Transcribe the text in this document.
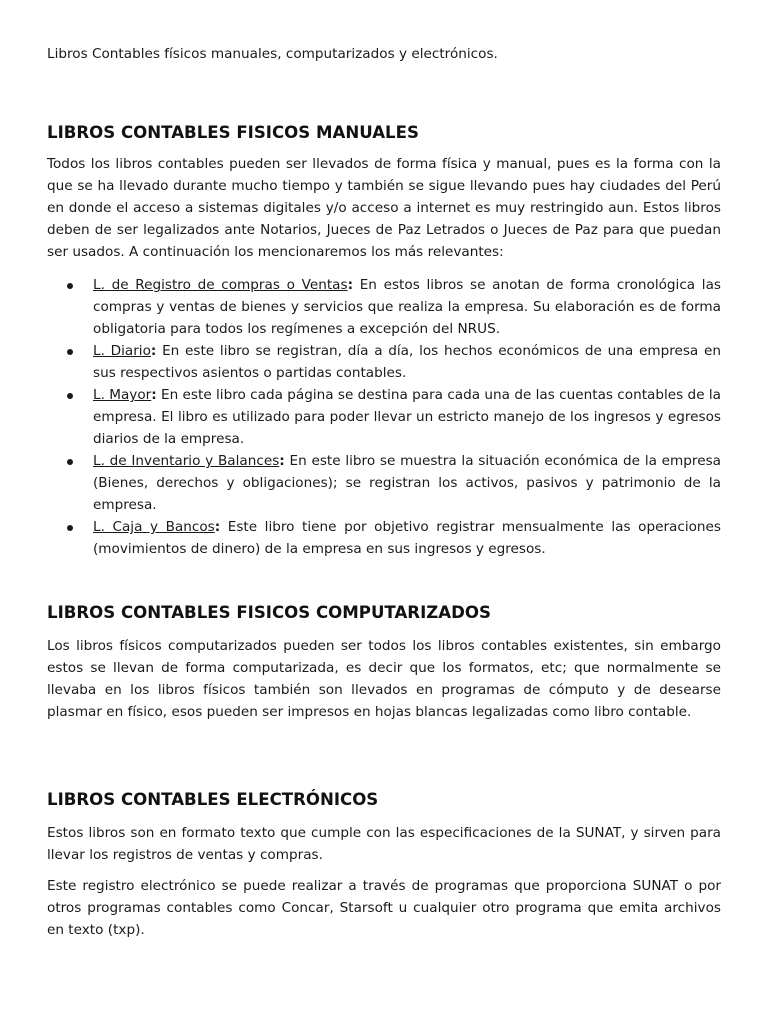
Libros Contables físicos manuales, computarizados y electrónicos.
LIBROS CONTABLES FISICOS MANUALES

Todos los libros contables pueden ser llevados de forma física y manual, pues es la forma con la que se ha llevado durante mucho tiempo y también se sigue llevando pues hay ciudades del Perú en donde el acceso a sistemas digitales y/o acceso a internet es muy restringido aun. Estos libros deben de ser legalizados ante Notarios, Jueces de Paz Letrados o Jueces de Paz para que puedan ser usados. A continuación los mencionaremos los más relevantes:

L. de Registro de compras o Ventas: En estos libros se anotan de forma cronológica las compras y ventas de bienes y servicios que realiza la empresa. Su elaboración es de forma obligatoria para todos los regímenes a excepción del NRUS.
L. Diario: En este libro se registran, día a día, los hechos económicos de una empresa en sus respectivos asientos o partidas contables.
L. Mayor: En este libro cada página se destina para cada una de las cuentas contables de la empresa. El libro es utilizado para poder llevar un estricto manejo de los ingresos y egresos diarios de la empresa.
L. de Inventario y Balances: En este libro se muestra la situación económica de la empresa (Bienes, derechos y obligaciones); se registran los activos, pasivos y patrimonio de la empresa.
L. Caja y Bancos: Este libro tiene por objetivo registrar mensualmente las operaciones (movimientos de dinero) de la empresa en sus ingresos y egresos.
LIBROS CONTABLES FISICOS COMPUTARIZADOS

Los libros físicos computarizados pueden ser todos los libros contables existentes, sin embargo estos se llevan de forma computarizada, es decir que los formatos, etc; que normalmente se llevaba en los libros físicos también son llevados en programas de cómputo y de desearse plasmar en físico, esos pueden ser impresos en hojas blancas legalizadas como libro contable.

LIBROS CONTABLES ELECTRÓNICOS

Estos libros son en formato texto que cumple con las especificaciones de la SUNAT, y sirven para llevar los registros de ventas y compras.

Este registro electrónico se puede realizar a través de programas que proporciona SUNAT o por otros programas contables como Concar, Starsoft u cualquier otro programa que emita archivos en texto (txp).
